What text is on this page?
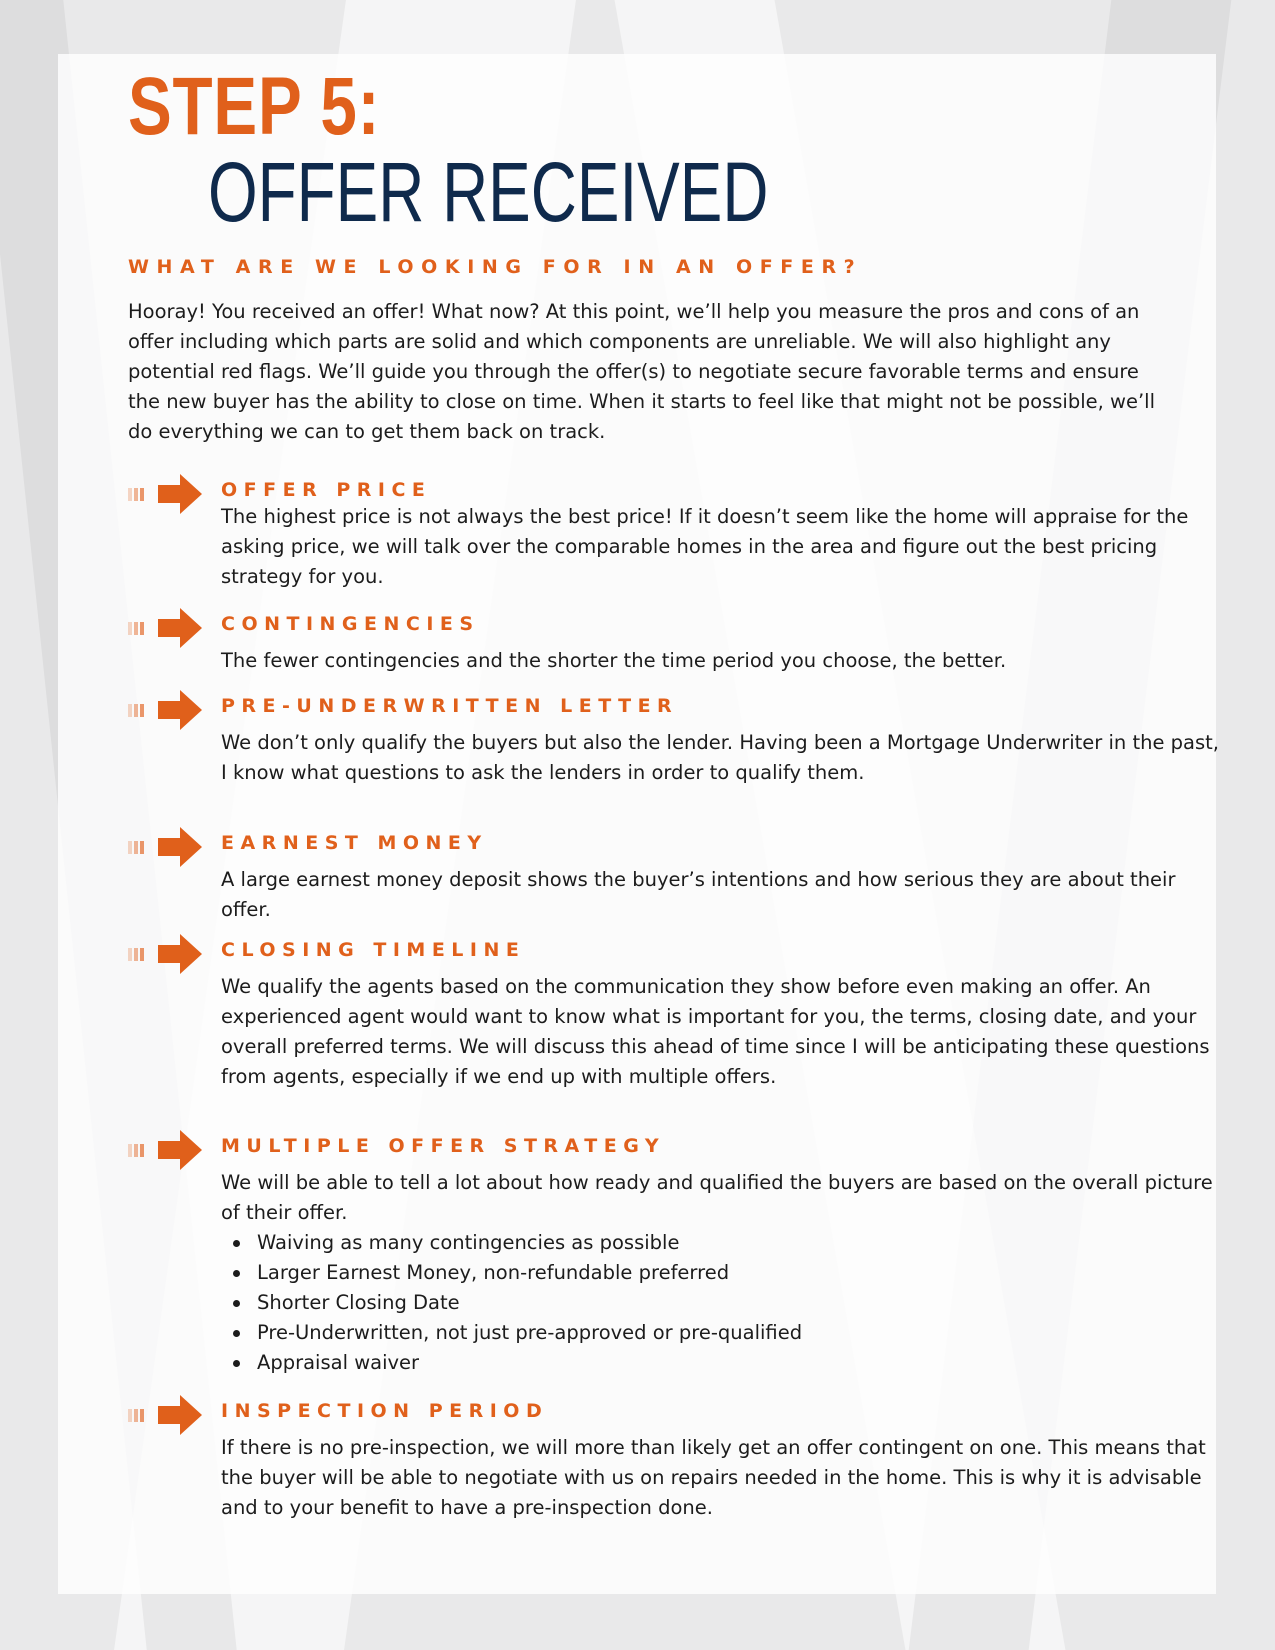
STEP 5:
OFFER RECEIVED
WHAT ARE WE LOOKING FOR IN AN OFFER?

Hooray! You received an offer! What now? At this point, we’ll help you measure the pros and cons of an offer including which parts are solid and which components are unreliable. We will also highlight any potential red flags. We’ll guide you through the offer(s) to negotiate secure favorable terms and ensure the new buyer has the ability to close on time. When it starts to feel like that might not be possible, we’ll do everything we can to get them back on track.

OFFER PRICE

The highest price is not always the best price! If it doesn’t seem like the home will appraise for the asking price, we will talk over the comparable homes in the area and figure out the best pricing strategy for you.

CONTINGENCIES

The fewer contingencies and the shorter the time period you choose, the better.

PRE-UNDERWRITTEN LETTER

We don’t only qualify the buyers but also the lender. Having been a Mortgage Underwriter in the past, I know what questions to ask the lenders in order to qualify them.

EARNEST MONEY

A large earnest money deposit shows the buyer’s intentions and how serious they are about their offer.

CLOSING TIMELINE

We qualify the agents based on the communication they show before even making an offer. An experienced agent would want to know what is important for you, the terms, closing date, and your overall preferred terms. We will discuss this ahead of time since I will be anticipating these questions from agents, especially if we end up with multiple offers.

MULTIPLE OFFER STRATEGY

We will be able to tell a lot about how ready and qualified the buyers are based on the overall picture of their offer.

Waiving as many contingencies as possible
Larger Earnest Money, non-refundable preferred
Shorter Closing Date
Pre-Underwritten, not just pre-approved or pre-qualified
Appraisal waiver
INSPECTION PERIOD

If there is no pre-inspection, we will more than likely get an offer contingent on one. This means that the buyer will be able to negotiate with us on repairs needed in the home. This is why it is advisable and to your benefit to have a pre-inspection done.
